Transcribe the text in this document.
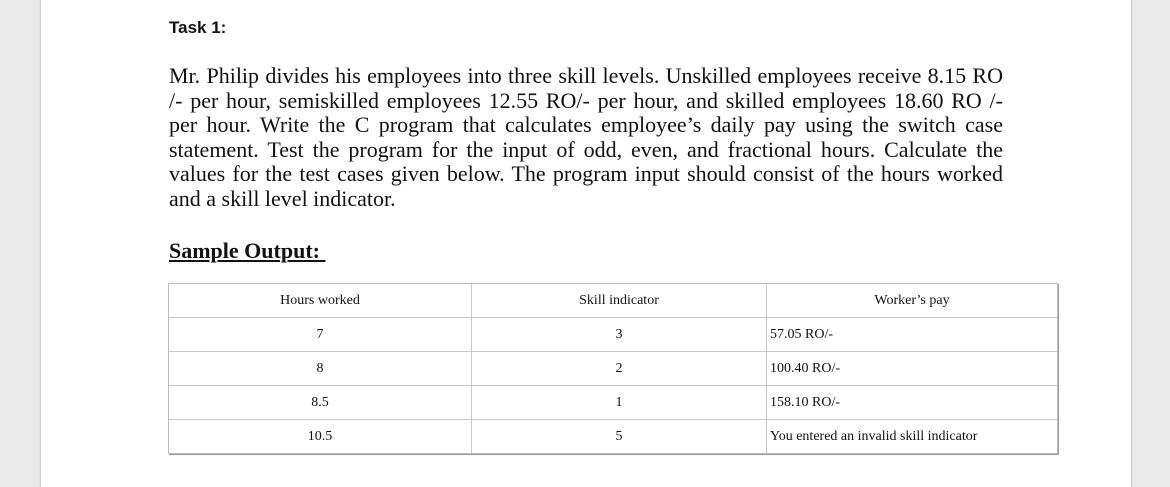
Task 1:

Mr. Philip divides his employees into three skill levels. Unskilled employees receive 8.15 RO /- per hour, semiskilled employees 12.55 RO/- per hour, and skilled employees 18.60 RO /- per hour. Write the C program that calculates employee’s daily pay using the switch case statement. Test the program for the input of odd, even, and fractional hours. Calculate the values for the test cases given below. The program input should consist of the hours worked and a skill level indicator.

Sample Output:

Hours worked	Skill indicator	Worker’s pay
7	3	57.05 RO/-
8	2	100.40 RO/-
8.5	1	158.10 RO/-
10.5	5	You entered an invalid skill indicator
